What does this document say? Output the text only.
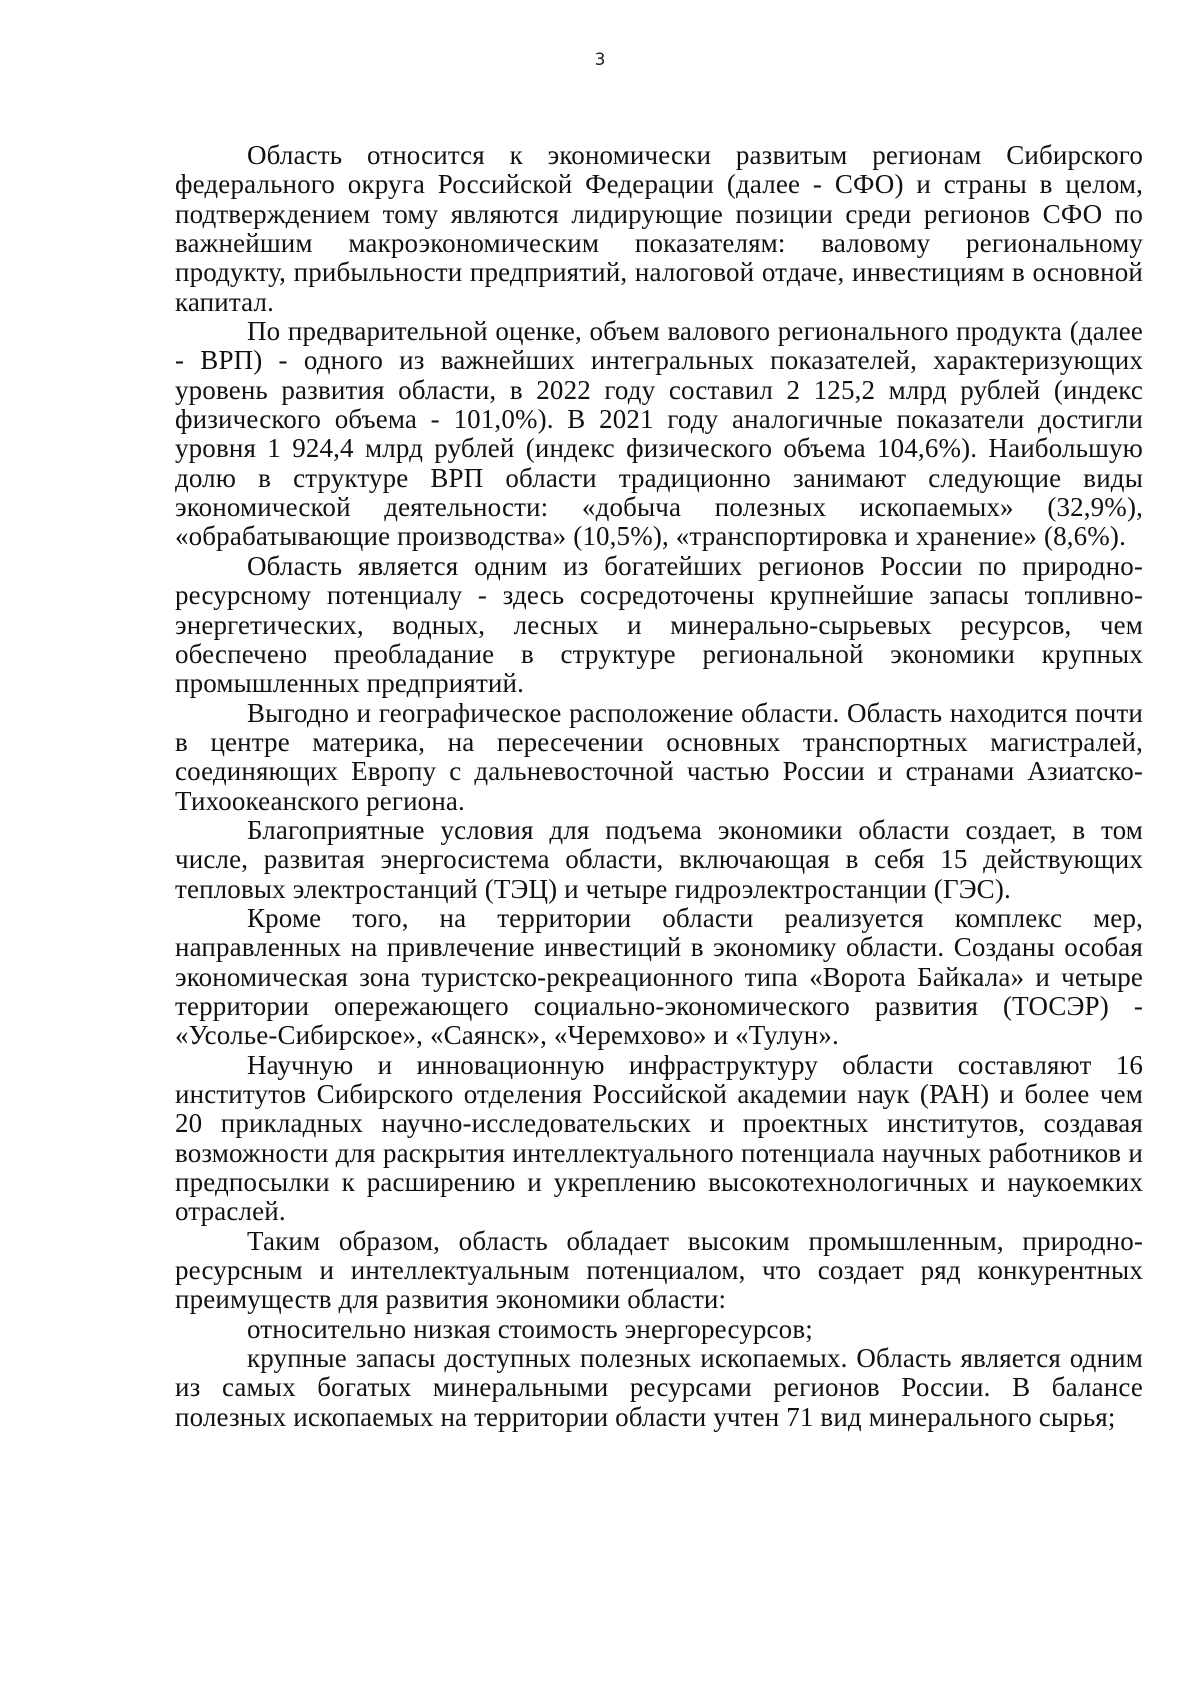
3

Область относится к экономически развитым регионам Сибирского федерального округа Российской Федерации (далее - СФО) и страны в целом, подтверждением тому являются лидирующие позиции среди регионов СФО по важнейшим макроэкономическим показателям: валовому региональному продукту, прибыльности предприятий, налоговой отдаче, инвестициям в основной капитал.

По предварительной оценке, объем валового регионального продукта (далее - ВРП) - одного из важнейших интегральных показателей, характеризующих уровень развития области, в 2022 году составил 2 125,2 млрд рублей (индекс физического объема - 101,0%). В 2021 году аналогичные показатели достигли уровня 1 924,4 млрд рублей (индекс физического объема 104,6%). Наибольшую долю в структуре ВРП области традиционно занимают следующие виды экономической деятельности: «добыча полезных ископаемых» (32,9%), «обрабатывающие производства» (10,5%), «транспортировка и хранение» (8,6%).

Область является одним из богатейших регионов России по природно-ресурсному потенциалу - здесь сосредоточены крупнейшие запасы топливно-энергетических, водных, лесных и минерально-сырьевых ресурсов, чем обеспечено преобладание в структуре региональной экономики крупных промышленных предприятий.

Выгодно и географическое расположение области. Область находится почти в центре материка, на пересечении основных транспортных магистралей, соединяющих Европу с дальневосточной частью России и странами Азиатско-Тихоокеанского региона.

Благоприятные условия для подъема экономики области создает, в том числе, развитая энергосистема области, включающая в себя 15 действующих тепловых электростанций (ТЭЦ) и четыре гидроэлектростанции (ГЭС).

Кроме того, на территории области реализуется комплекс мер, направленных на привлечение инвестиций в экономику области. Созданы особая экономическая зона туристско-рекреационного типа «Ворота Байкала» и четыре территории опережающего социально-экономического развития (ТОСЭР) - «Усолье-Сибирское», «Саянск», «Черемхово» и «Тулун».

Научную и инновационную инфраструктуру области составляют 16 институтов Сибирского отделения Российской академии наук (РАН) и более чем 20 прикладных научно-исследовательских и проектных институтов, создавая возможности для раскрытия интеллектуального потенциала научных работников и предпосылки к расширению и укреплению высокотехнологичных и наукоемких отраслей.

Таким образом, область обладает высоким промышленным, природно-ресурсным и интеллектуальным потенциалом, что создает ряд конкурентных преимуществ для развития экономики области:

относительно низкая стоимость энергоресурсов;

крупные запасы доступных полезных ископаемых. Область является одним из самых богатых минеральными ресурсами регионов России. В балансе полезных ископаемых на территории области учтен 71 вид минерального сырья;
